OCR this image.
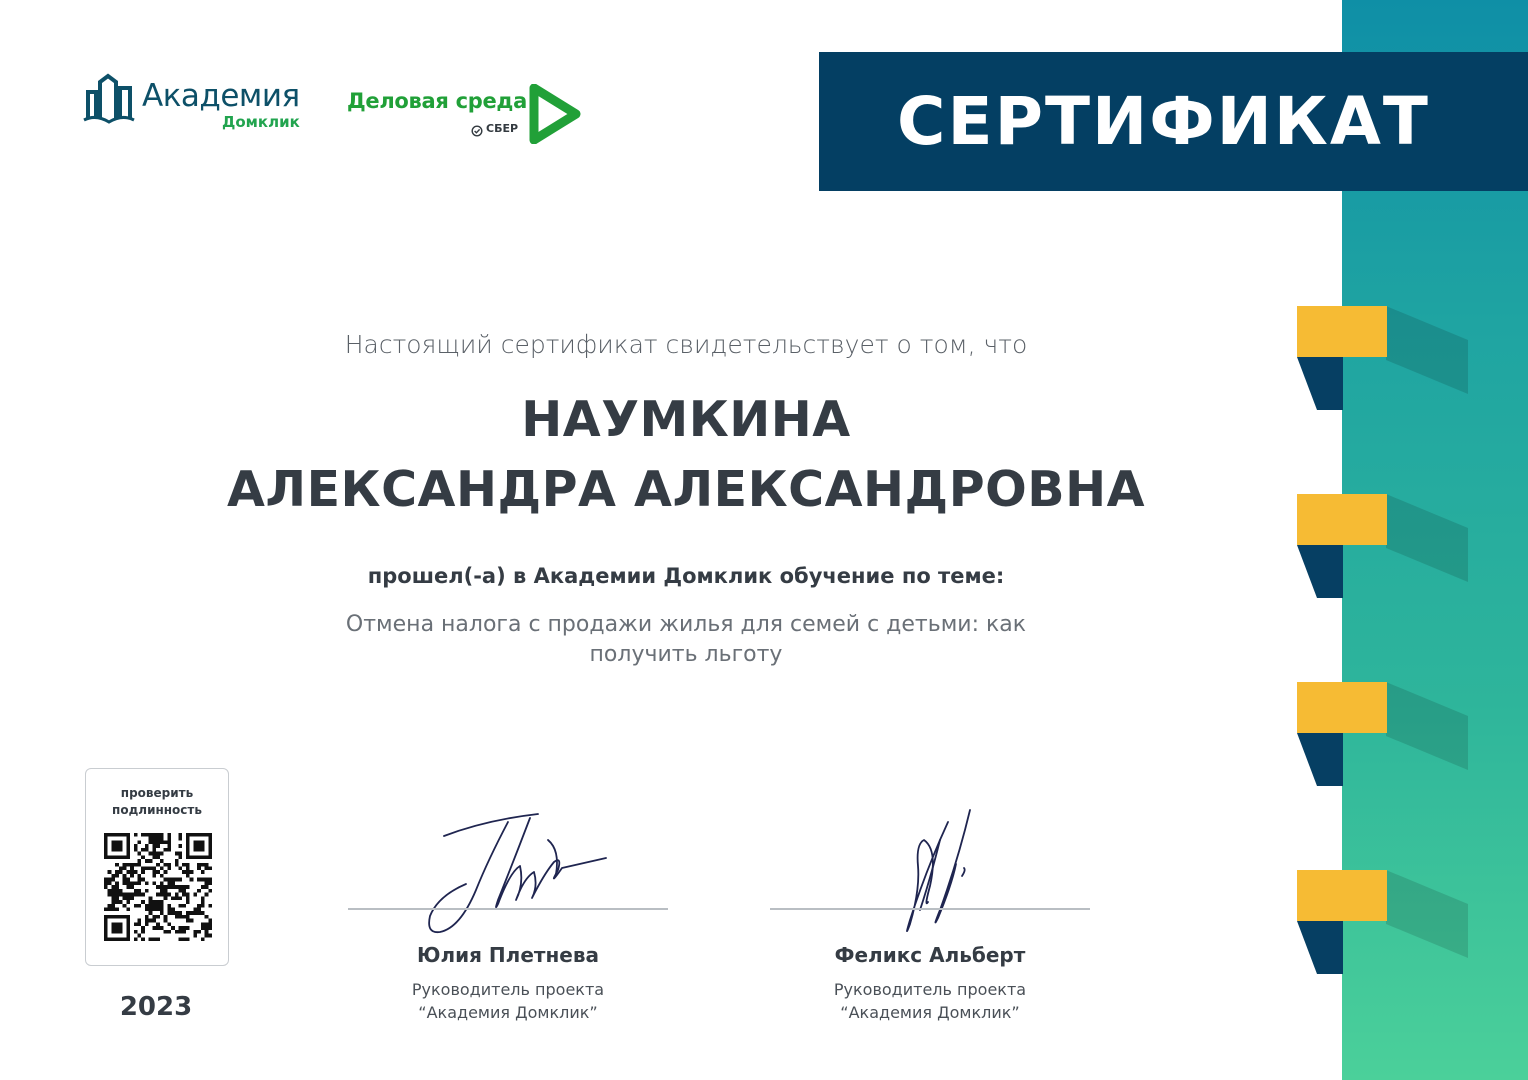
СЕРТИФИКАТ
Академия
Домклик
Деловая среда
СБЕР
Настоящий сертификат свидетельствует о том, что
НАУМКИНА
АЛЕКСАНДРА АЛЕКСАНДРОВНА
прошел(-а) в Академии Домклик обучение по теме:
Отмена налога с продажи жилья для семей с детьми: как получить льготу
проверить подлинность
2023
Юлия Плетнева
Руководитель проекта “Академия Домклик”
Феликс Альберт
Руководитель проекта “Академия Домклик”
